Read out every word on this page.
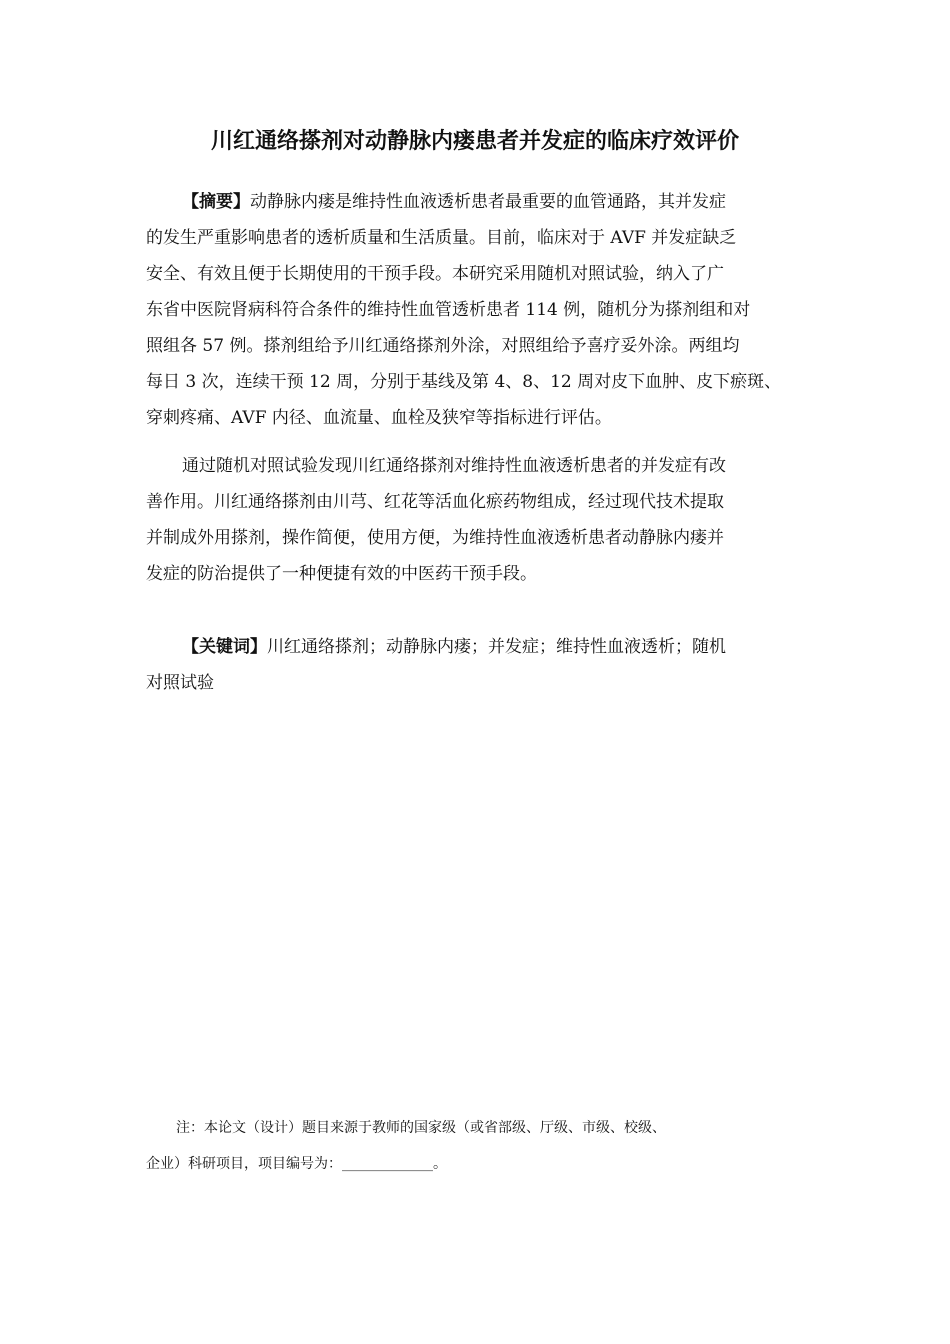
川红通络搽剂对动静脉内瘘患者并发症的临床疗效评价
【摘要】动静脉内瘘是维持性血液透析患者最重要的血管通路，其并发症
的发生严重影响患者的透析质量和生活质量。目前，临床对于 AVF 并发症缺乏
安全、有效且便于长期使用的干预手段。本研究采用随机对照试验，纳入了广
东省中医院肾病科符合条件的维持性血管透析患者 114 例，随机分为搽剂组和对
照组各 57 例。搽剂组给予川红通络搽剂外涂，对照组给予喜疗妥外涂。两组均
每日 3 次，连续干预 12 周，分别于基线及第 4、8、12 周对皮下血肿、皮下瘀斑、
穿刺疼痛、AVF 内径、血流量、血栓及狭窄等指标进行评估。
通过随机对照试验发现川红通络搽剂对维持性血液透析患者的并发症有改
善作用。川红通络搽剂由川芎、红花等活血化瘀药物组成，经过现代技术提取
并制成外用搽剂，操作简便，使用方便，为维持性血液透析患者动静脉内瘘并
发症的防治提供了一种便捷有效的中医药干预手段。
【关键词】川红通络搽剂；动静脉内瘘；并发症；维持性血液透析；随机
对照试验
注：本论文（设计）题目来源于教师的国家级（或省部级、厅级、市级、校级、
企业）科研项目，项目编号为：_____________。
